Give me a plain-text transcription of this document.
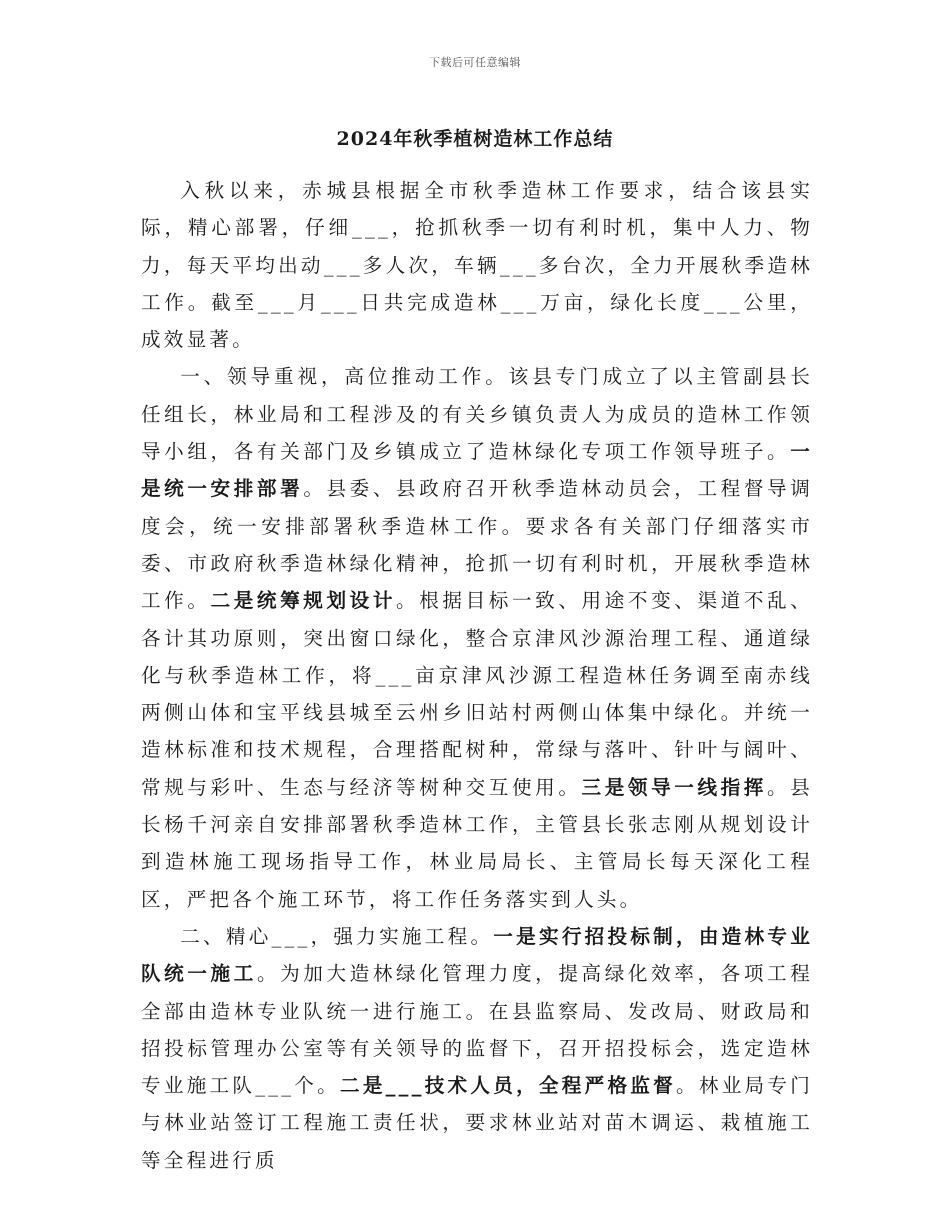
下载后可任意编辑
2024年秋季植树造林工作总结

入秋以来，赤城县根据全市秋季造林工作要求，结合该县实际，精心部署，仔细___，抢抓秋季一切有利时机，集中人力、物力，每天平均出动___多人次，车辆___多台次，全力开展秋季造林工作。截至___月___日共完成造林___万亩，绿化长度___公里，成效显著。

一、领导重视，高位推动工作。该县专门成立了以主管副县长任组长，林业局和工程涉及的有关乡镇负责人为成员的造林工作领导小组，各有关部门及乡镇成立了造林绿化专项工作领导班子。一是统一安排部署。县委、县政府召开秋季造林动员会，工程督导调度会，统一安排部署秋季造林工作。要求各有关部门仔细落实市委、市政府秋季造林绿化精神，抢抓一切有利时机，开展秋季造林工作。二是统筹规划设计。根据目标一致、用途不变、渠道不乱、各计其功原则，突出窗口绿化，整合京津风沙源治理工程、通道绿化与秋季造林工作，将___亩京津风沙源工程造林任务调至南赤线两侧山体和宝平线县城至云州乡旧站村两侧山体集中绿化。并统一造林标准和技术规程，合理搭配树种，常绿与落叶、针叶与阔叶、常规与彩叶、生态与经济等树种交互使用。三是领导一线指挥。县长杨千河亲自安排部署秋季造林工作，主管县长张志刚从规划设计到造林施工现场指导工作，林业局局长、主管局长每天深化工程区，严把各个施工环节，将工作任务落实到人头。

二、精心___，强力实施工程。一是实行招投标制，由造林专业队统一施工。为加大造林绿化管理力度，提高绿化效率，各项工程全部由造林专业队统一进行施工。在县监察局、发改局、财政局和招投标管理办公室等有关领导的监督下，召开招投标会，选定造林专业施工队___个。二是___技术人员，全程严格监督。林业局专门与林业站签订工程施工责任状，要求林业站对苗木调运、栽植施工等全程进行质
